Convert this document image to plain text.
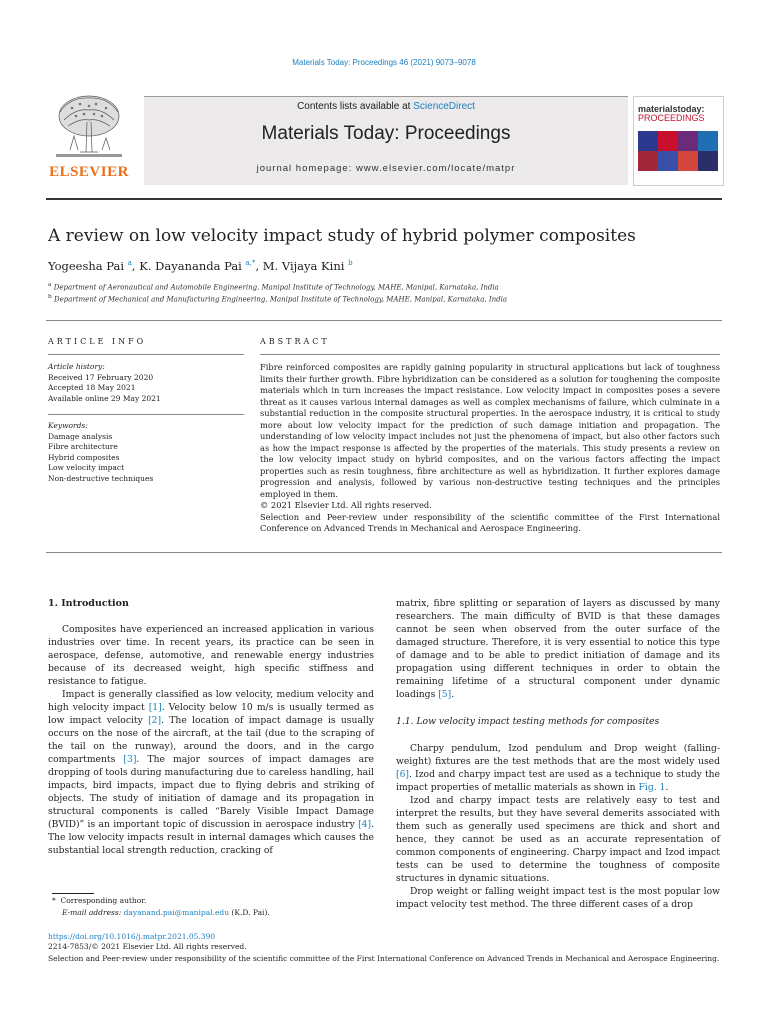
Materials Today: Proceedings 46 (2021) 9073–9078
ELSEVIER
Contents lists available at ScienceDirect
Materials Today: Proceedings
journal homepage: www.elsevier.com/locate/matpr
materialstoday:
PROCEEDINGS
A review on low velocity impact study of hybrid polymer composites
Yogeesha Pai $^a$, K. Dayananda Pai $^{a,*}$, M. Vijaya Kini $^b$
$^a$ Department of Aeronautical and Automobile Engineering, Manipal Institute of Technology, MAHE, Manipal, Karnataka, India
$^b$ Department of Mechanical and Manufacturing Engineering, Manipal Institute of Technology, MAHE, Manipal, Karnataka, India
ARTICLE INFO	ABSTRACT
Article history:
Received 17 February 2020
Accepted 18 May 2021
Available online 29 May 2021
Keywords:
Damage analysis
Fibre architecture
Hybrid composites
Low velocity impact
Non-destructive techniques

Fibre reinforced composites are rapidly gaining popularity in structural applications but lack of toughness limits their further growth. Fibre hybridization can be considered as a solution for toughening the composite materials which in turn increases the impact resistance. Low velocity impact in composites poses a severe threat as it causes various internal damages as well as complex mechanisms of failure, which culminate in a substantial reduction in the composite structural properties. In the aerospace industry, it is critical to study more about low velocity impact for the prediction of such damage initiation and propagation. The understanding of low velocity impact includes not just the phenomena of impact, but also other factors such as how the impact response is affected by the properties of the materials. This study presents a review on the low velocity impact study on hybrid composites, and on the various factors affecting the impact properties such as resin toughness, fibre architecture as well as hybridization. It further explores damage progression and analysis, followed by various non-destructive testing techniques and the principles employed in them.

© 2021 Elsevier Ltd. All rights reserved.

Selection and Peer-review under responsibility of the scientific committee of the First International Conference on Advanced Trends in Mechanical and Aerospace Engineering.

1. Introduction

Composites have experienced an increased application in various industries over time. In recent years, its practice can be seen in aerospace, defense, automotive, and renewable energy industries because of its decreased weight, high specific stiffness and resistance to fatigue.

Impact is generally classified as low velocity, medium velocity and high velocity impact [1]. Velocity below 10 m/s is usually termed as low impact velocity [2]. The location of impact damage is usually occurs on the nose of the aircraft, at the tail (due to the scraping of the tail on the runway), around the doors, and in the cargo compartments [3]. The major sources of impact damages are dropping of tools during manufacturing due to careless handling, hail impacts, bird impacts, impact due to flying debris and striking of objects. The study of initiation of damage and its propagation in structural components is called “Barely Visible Impact Damage (BVID)” is an important topic of discussion in aerospace industry [4]. The low velocity impacts result in internal damages which causes the substantial local strength reduction, cracking of

matrix, fibre splitting or separation of layers as discussed by many researchers. The main difficulty of BVID is that these damages cannot be seen when observed from the outer surface of the damaged structure. Therefore, it is very essential to notice this type of damage and to be able to predict initiation of damage and its propagation using different techniques in order to obtain the remaining lifetime of a structural component under dynamic loadings [5].

1.1. Low velocity impact testing methods for composites

Charpy pendulum, Izod pendulum and Drop weight (falling-weight) fixtures are the test methods that are the most widely used [6]. Izod and charpy impact test are used as a technique to study the impact properties of metallic materials as shown in Fig. 1.

Izod and charpy impact tests are relatively easy to test and interpret the results, but they have several demerits associated with them such as generally used specimens are thick and short and hence, they cannot be used as an accurate representation of common components of engineering. Charpy impact and Izod impact tests can be used to determine the toughness of composite structures in dynamic situations.

Drop weight or falling weight impact test is the most popular low impact velocity test method. The three different cases of a drop

* Corresponding author.
E-mail address: dayanand.pai@manipal.edu (K.D. Pai).
https://doi.org/10.1016/j.matpr.2021.05.390
2214-7853/© 2021 Elsevier Ltd. All rights reserved.
Selection and Peer-review under responsibility of the scientific committee of the First International Conference on Advanced Trends in Mechanical and Aerospace Engineering.
